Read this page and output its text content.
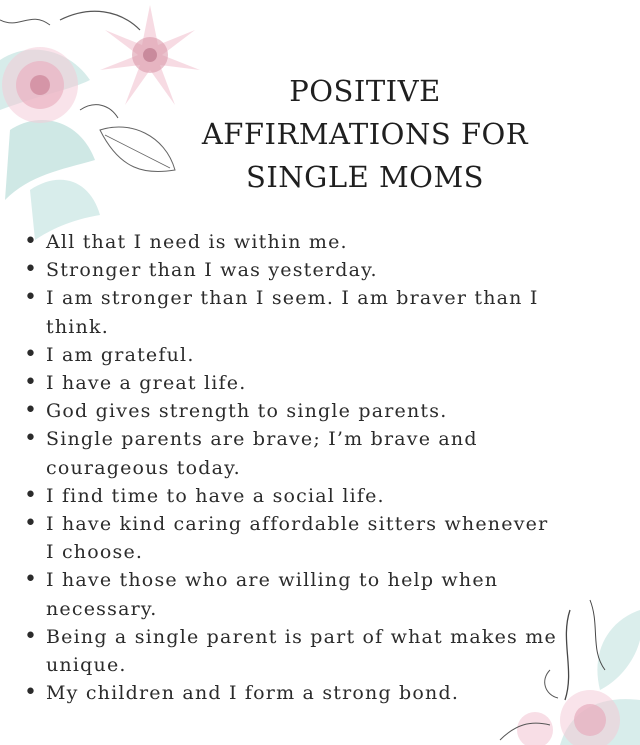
POSITIVE
AFFIRMATIONS FOR
SINGLE MOMS
• All that I need is within me.
• Stronger than I was yesterday.
• I am stronger than I seem. I am braver than I think.
• I am grateful.
• I have a great life.
• God gives strength to single parents.
• Single parents are brave; I’m brave and courageous today.
• I find time to have a social life.
• I have kind caring affordable sitters whenever I choose.
• I have those who are willing to help when necessary.
• Being a single parent is part of what makes me unique.
• My children and I form a strong bond.
